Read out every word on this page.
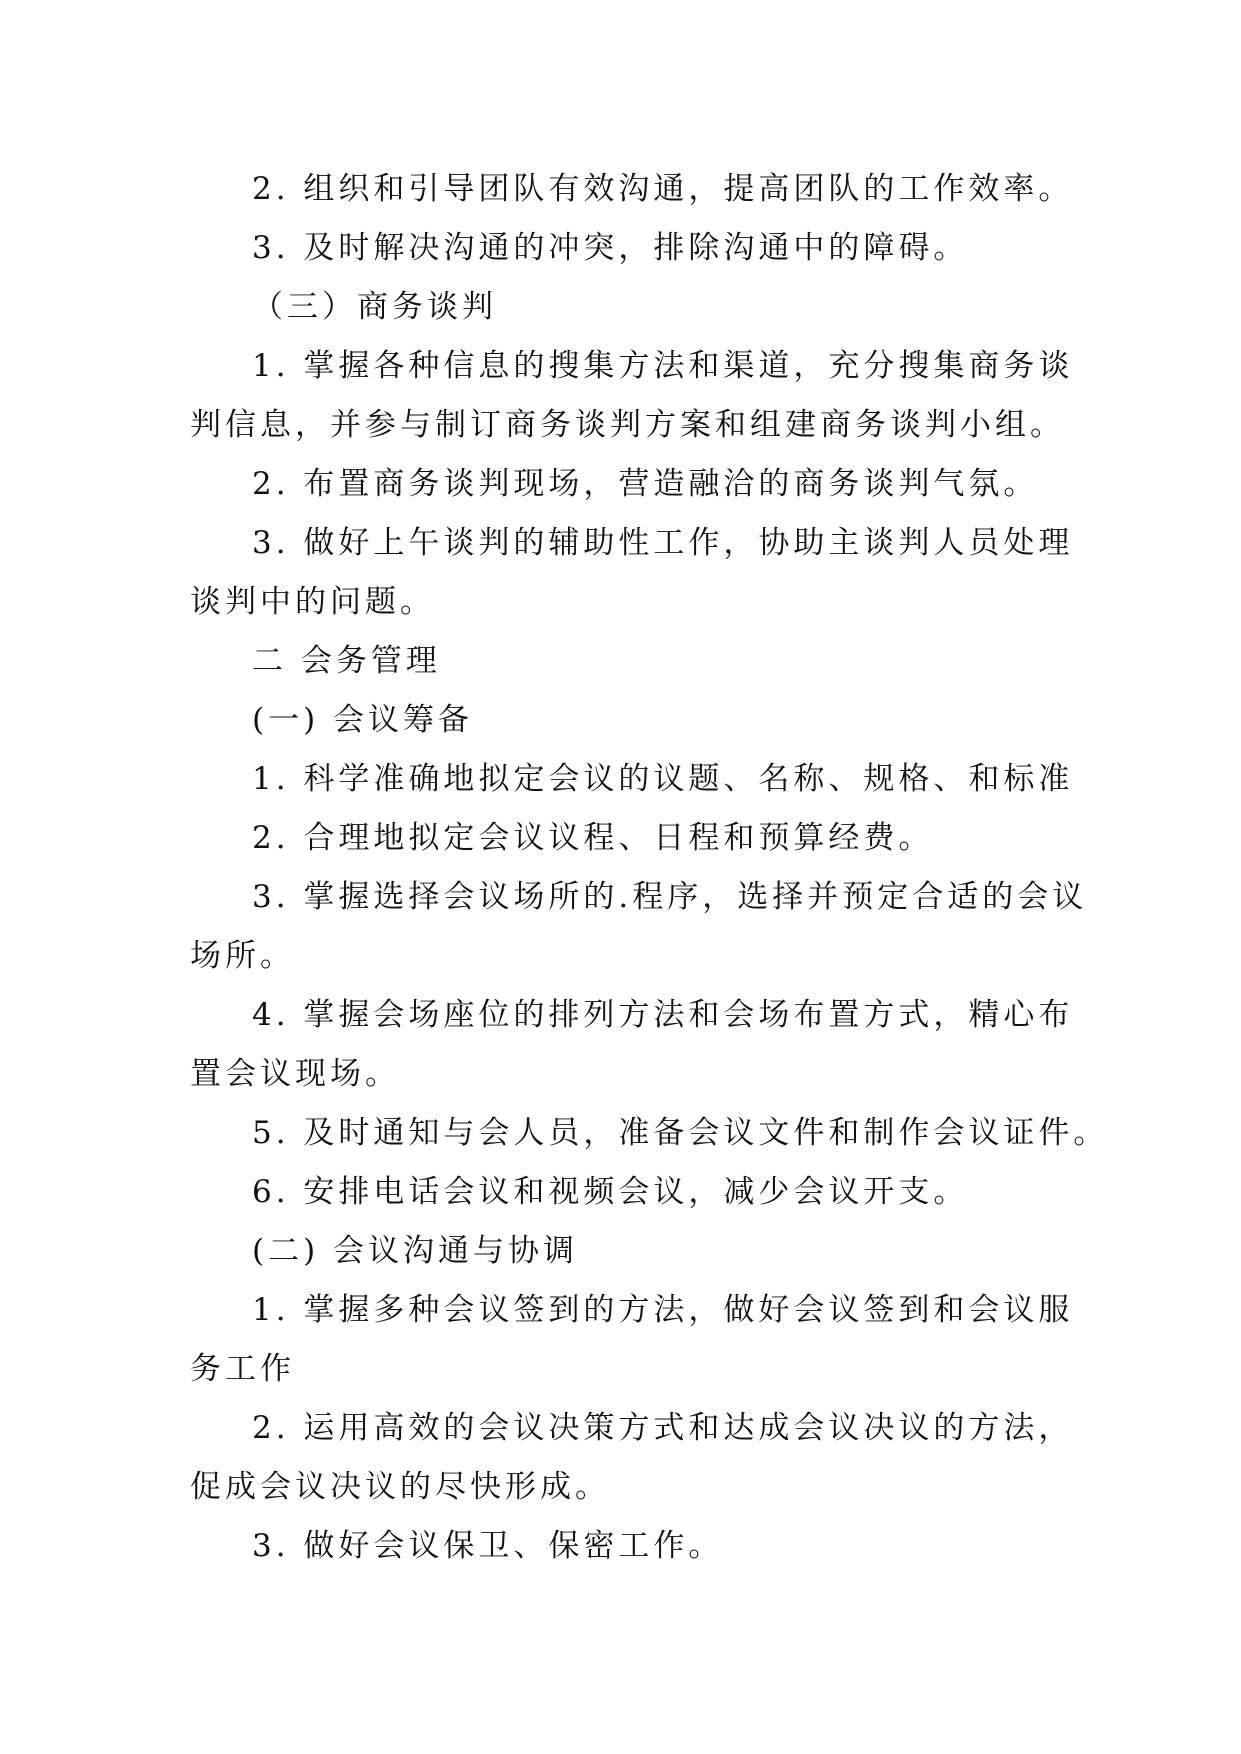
2. 组织和引导团队有效沟通，提高团队的工作效率。
3. 及时解决沟通的冲突，排除沟通中的障碍。
（三）商务谈判
1. 掌握各种信息的搜集方法和渠道，充分搜集商务谈
判信息，并参与制订商务谈判方案和组建商务谈判小组。
2. 布置商务谈判现场，营造融洽的商务谈判气氛。
3. 做好上午谈判的辅助性工作，协助主谈判人员处理
谈判中的问题。
二 会务管理
(一) 会议筹备
1. 科学准确地拟定会议的议题、名称、规格、和标准
2. 合理地拟定会议议程、日程和预算经费。
3. 掌握选择会议场所的.程序，选择并预定合适的会议
场所。
4. 掌握会场座位的排列方法和会场布置方式，精心布
置会议现场。
5. 及时通知与会人员，准备会议文件和制作会议证件。
6. 安排电话会议和视频会议，减少会议开支。
(二) 会议沟通与协调
1. 掌握多种会议签到的方法，做好会议签到和会议服
务工作
2. 运用高效的会议决策方式和达成会议决议的方法，
促成会议决议的尽快形成。
3. 做好会议保卫、保密工作。
